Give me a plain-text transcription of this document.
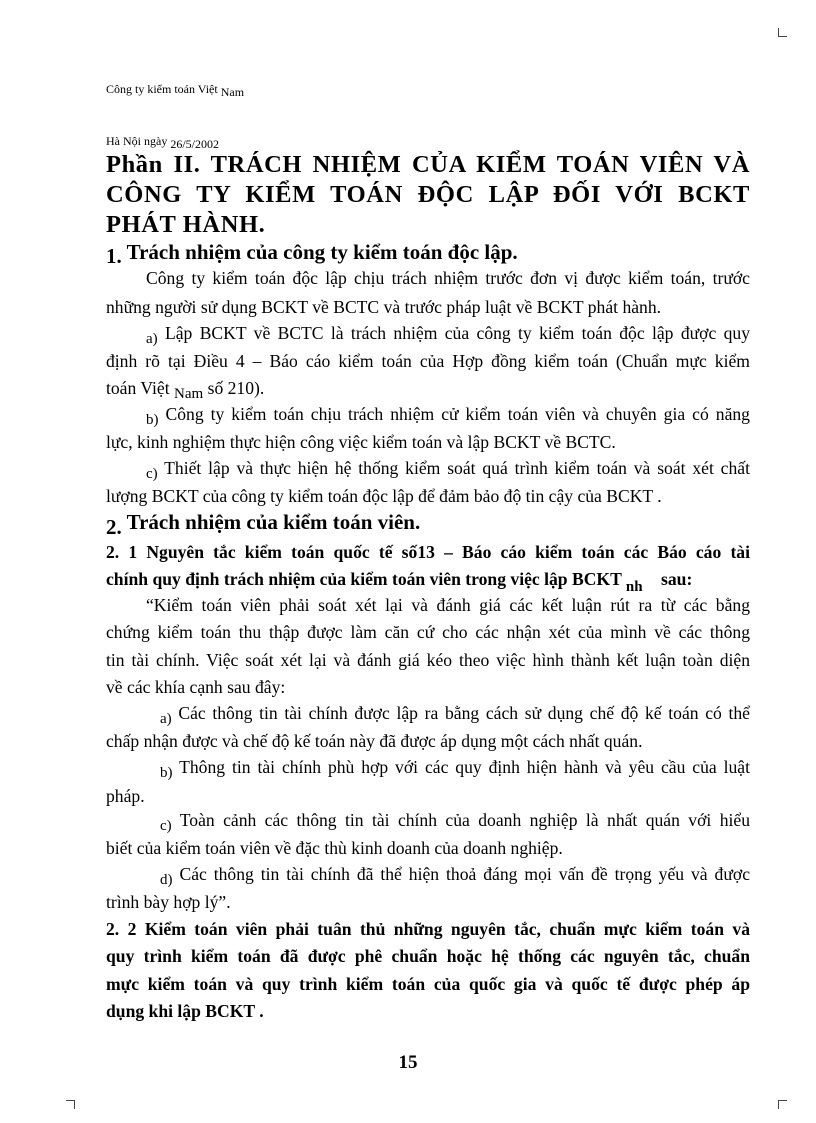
Công ty kiểm toán Việt Nam
Hà Nội ngày 26/5/2002
Phần II. TRÁCH NHIỆM CỦA KIỂM TOÁN VIÊN VÀ CÔNG TY KIỂM TOÁN ĐỘC LẬP ĐỐI VỚI BCKT PHÁT HÀNH.
1. Trách nhiệm của công ty kiểm toán độc lập.
Công ty kiểm toán độc lập chịu trách nhiệm trước đơn vị được kiểm toán, trước
những người sử dụng BCKT về BCTC và trước pháp luật về BCKT phát hành.
a) Lập BCKT về BCTC là trách nhiệm của công ty kiểm toán độc lập được quy
định rõ tại Điều 4 – Báo cáo kiểm toán của Hợp đồng kiểm toán (Chuẩn mực kiểm
toán Việt Nam số 210).
b) Công ty kiểm toán chịu trách nhiệm cử kiểm toán viên và chuyên gia có năng
lực, kinh nghiệm thực hiện công việc kiểm toán và lập BCKT về BCTC.
c) Thiết lập và thực hiện hệ thống kiểm soát quá trình kiểm toán và soát xét chất
lượng BCKT của công ty kiểm toán độc lập để đảm bảo độ tin cậy của BCKT .
2. Trách nhiệm của kiểm toán viên.
2. 1 Nguyên tắc kiểm toán quốc tế số13 – Báo cáo kiểm toán các Báo cáo tài
chính quy định trách nhiệm của kiểm toán viên trong việc lập BCKT nh sau:
“Kiểm toán viên phải soát xét lại và đánh giá các kết luận rút ra từ các bằng
chứng kiểm toán thu thập được làm căn cứ cho các nhận xét của mình về các thông
tin tài chính. Việc soát xét lại và đánh giá kéo theo việc hình thành kết luận toàn diện
về các khía cạnh sau đây:
a) Các thông tin tài chính được lập ra bằng cách sử dụng chế độ kế toán có thể
chấp nhận được và chế độ kế toán này đã được áp dụng một cách nhất quán.
b) Thông tin tài chính phù hợp với các quy định hiện hành và yêu cầu của luật
pháp.
c) Toàn cảnh các thông tin tài chính của doanh nghiệp là nhất quán với hiểu
biết của kiểm toán viên về đặc thù kinh doanh của doanh nghiệp.
d) Các thông tin tài chính đã thể hiện thoả đáng mọi vấn đề trọng yếu và được
trình bày hợp lý”.
2. 2 Kiểm toán viên phải tuân thủ những nguyên tắc, chuẩn mực kiểm toán và
quy trình kiểm toán đã được phê chuẩn hoặc hệ thống các nguyên tắc, chuẩn
mực kiểm toán và quy trình kiểm toán của quốc gia và quốc tế được phép áp
dụng khi lập BCKT .
15
